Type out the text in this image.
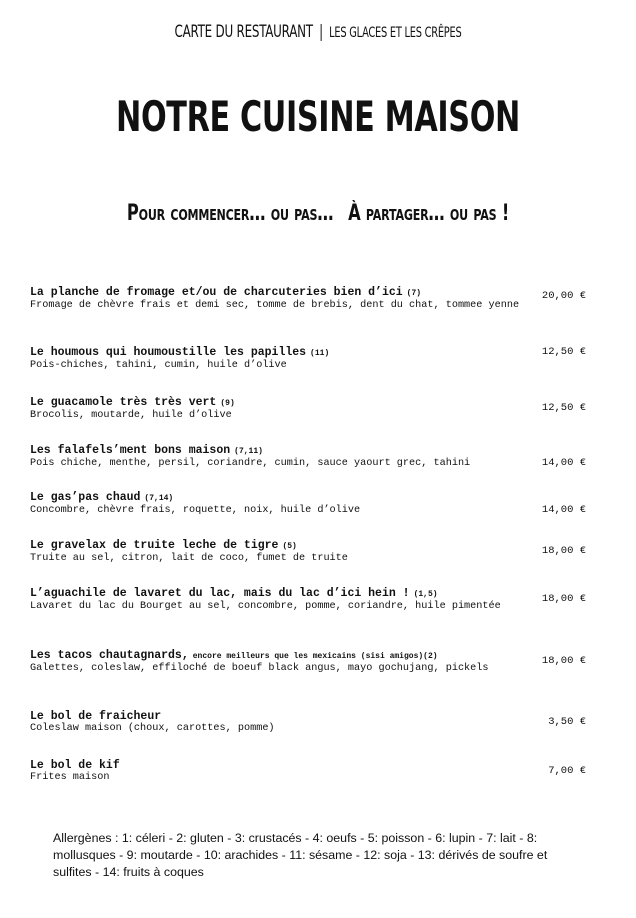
CARTE DU RESTAURANT | LES GLACES ET LES CRÊPES
NOTRE CUISINE MAISON
Pour commencer… ou pas… À partager… ou pas !
La planche de fromage et/ou de charcuteries bien d’ici (7)
Fromage de chèvre frais et demi sec, tomme de brebis, dent du chat, tommee yenne
20,00 €
Le houmous qui houmoustille les papilles (11)
Pois-chiches, tahini, cumin, huile d’olive
12,50 €
Le guacamole très très vert (9)
Brocolis, moutarde, huile d’olive
12,50 €
Les falafels’ment bons maison (7,11)
Pois chiche, menthe, persil, coriandre, cumin, sauce yaourt grec, tahini	14,00 €
Le gas’pas chaud (7,14)
Concombre, chèvre frais, roquette, noix, huile d’olive	14,00 €
Le gravelax de truite leche de tigre (5)
Truite au sel, citron, lait de coco, fumet de truite
18,00 €
L’aguachile de lavaret du lac, mais du lac d’ici hein ! (1,5)
Lavaret du lac du Bourget au sel, concombre, pomme, coriandre, huile pimentée
18,00 €
Les tacos chautagnards, encore meilleurs que les mexicains (sisi amigos)(2)
Galettes, coleslaw, effiloché de boeuf black angus, mayo gochujang, pickels
18,00 €
Le bol de fraicheur
Coleslaw maison (choux, carottes, pomme)
3,50 €
Le bol de kif
Frites maison
7,00 €
Allergènes : 1: céleri - 2: gluten - 3: crustacés - 4: oeufs - 5: poisson - 6: lupin - 7: lait - 8: mollusques - 9: moutarde - 10: arachides - 11: sésame - 12: soja - 13: dérivés de soufre et sulfites - 14: fruits à coques
